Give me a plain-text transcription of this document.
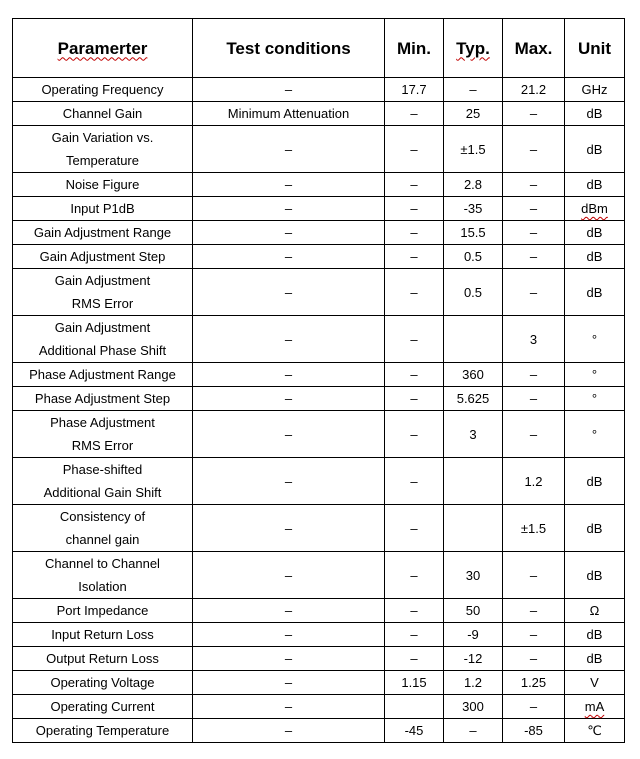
Paramerter	Test conditions	Min.	Typ.	Max.	Unit

Operating Frequency	–	17.7	–	21.2	GHz

Channel Gain	Minimum Attenuation	–	25	–	dB

Gain Variation vs.
Temperature	–	–	±1.5	–	dB

Noise Figure	–	–	2.8	–	dB

Input P1dB	–	–	-35	–	dBm

Gain Adjustment Range	–	–	15.5	–	dB

Gain Adjustment Step	–	–	0.5	–	dB

Gain Adjustment
RMS Error	–	–	0.5	–	dB

Gain Adjustment
Additional Phase Shift	–	–		3	°

Phase Adjustment Range	–	–	360	–	°

Phase Adjustment Step	–	–	5.625	–	°

Phase Adjustment
RMS Error	–	–	3	–	°

Phase-shifted
Additional Gain Shift	–	–		1.2	dB

Consistency of
channel gain	–	–		±1.5	dB

Channel to Channel
Isolation	–	–	30	–	dB

Port Impedance	–	–	50	–	Ω

Input Return Loss	–	–	-9	–	dB

Output Return Loss	–	–	-12	–	dB

Operating Voltage	–	1.15	1.2	1.25	V

Operating Current	–		300	–	mA

Operating Temperature	–	-45	–	-85	℃
